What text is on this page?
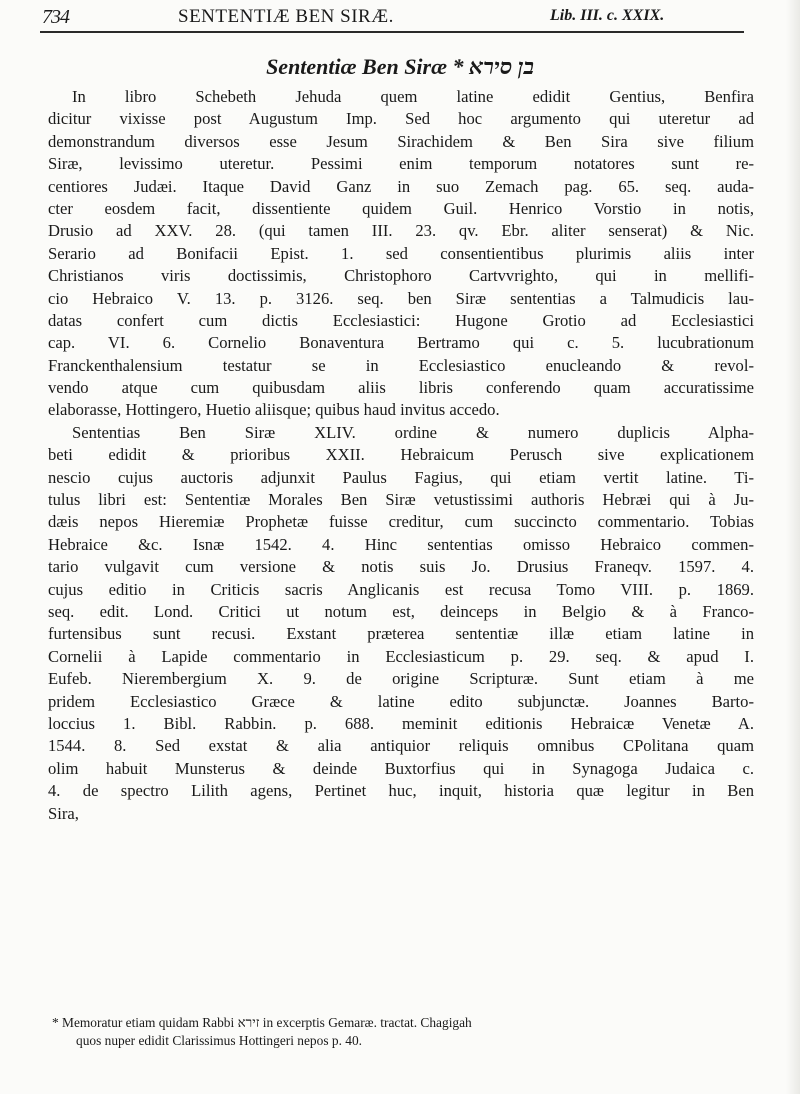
734	SENTENTIÆ BEN SIRÆ.	Lib. III. c. XXIX.
Sententiæ Ben Siræ * בן סירא
In libro Schebeth Jehuda quem latine edidit Gentius, Benfira
dicitur vixisse post Augustum Imp. Sed hoc argumento qui uteretur ad
demonstrandum diversos esse Jesum Sirachidem & Ben Sira sive filium
Siræ, levissimo uteretur. Pessimi enim temporum notatores sunt re-
centiores Judæi. Itaque David Ganz in suo Zemach pag. 65. seq. auda-
cter eosdem facit, dissentiente quidem Guil. Henrico Vorstio in notis,
Drusio ad XXV. 28. (qui tamen III. 23. qv. Ebr. aliter senserat) & Nic.
Serario ad Bonifacii Epist. 1. sed consentientibus plurimis aliis inter
Christianos viris doctissimis, Christophoro Cartvvrighto, qui in mellifi-
cio Hebraico V. 13. p. 3126. seq. ben Siræ sententias a Talmudicis lau-
datas confert cum dictis Ecclesiastici: Hugone Grotio ad Ecclesiastici
cap. VI. 6. Cornelio Bonaventura Bertramo qui c. 5. lucubrationum
Franckenthalensium testatur se in Ecclesiastico enucleando & revol-
vendo atque cum quibusdam aliis libris conferendo quam accuratissime
elaborasse, Hottingero, Huetio aliisque; quibus haud invitus accedo.
Sententias Ben Siræ XLIV. ordine & numero duplicis Alpha-
beti edidit & prioribus XXII. Hebraicum Perusch sive explicationem
nescio cujus auctoris adjunxit Paulus Fagius, qui etiam vertit latine. Ti-
tulus libri est: Sententiæ Morales Ben Siræ vetustissimi authoris Hebræi qui à Ju-
dæis nepos Hieremiæ Prophetæ fuisse creditur, cum succincto commentario. Tobias
Hebraice &c. Isnæ 1542. 4. Hinc sententias omisso Hebraico commen-
tario vulgavit cum versione & notis suis Jo. Drusius Franeqv. 1597. 4.
cujus editio in Criticis sacris Anglicanis est recusa Tomo VIII. p. 1869.
seq. edit. Lond. Critici ut notum est, deinceps in Belgio & à Franco-
furtensibus sunt recusi. Exstant præterea sententiæ illæ etiam latine in
Cornelii à Lapide commentario in Ecclesiasticum p. 29. seq. & apud I.
Eufeb. Nierembergium X. 9. de origine Scripturæ. Sunt etiam à me
pridem Ecclesiastico Græce & latine edito subjunctæ. Joannes Barto-
loccius 1. Bibl. Rabbin. p. 688. meminit editionis Hebraicæ Venetæ A.
1544. 8. Sed exstat & alia antiquior reliquis omnibus CPolitana quam
olim habuit Munsterus & deinde Buxtorfius qui in Synagoga Judaica c.
4. de spectro Lilith agens, Pertinet huc, inquit, historia quæ legitur in Ben
Sira,
* Memoratur etiam quidam Rabbi זירא in excerptis Gemaræ. tractat. Chagigah
quos nuper edidit Clarissimus Hottingeri nepos p. 40.
